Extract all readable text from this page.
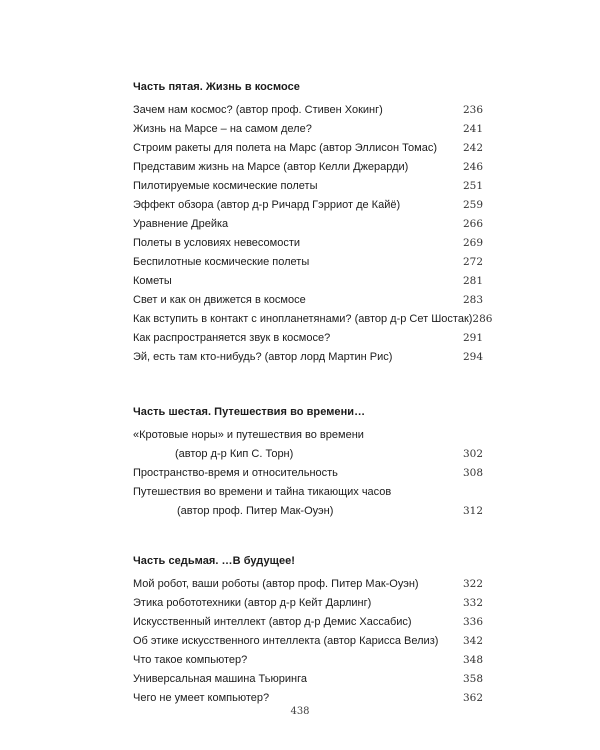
Часть пятая. Жизнь в космосе
Зачем нам космос? (автор проф. Стивен Хокинг)	236
Жизнь на Марсе – на самом деле?	241
Строим ракеты для полета на Марс (автор Эллисон Томас) 242
Представим жизнь на Марсе (автор Келли Джерарди)	246
Пилотируемые космические полеты	251
Эффект обзора (автор д-р Ричард Гэрриот де Кайё)	259
Уравнение Дрейка	266
Полеты в условиях невесомости	269
Беспилотные космические полеты	272
Кометы	281
Свет и как он движется в космосе	283
Как вступить в контакт с инопланетянами? (автор д-р Сет Шостак) 286
Как распространяется звук в космосе?	291
Эй, есть там кто-нибудь? (автор лорд Мартин Рис)	294
Часть шестая. Путешествия во времени…
«Кротовые норы» и путешествия во времени
(автор д-р Кип С. Торн)	302
Пространство-время и относительность	308
Путешествия во времени и тайна тикающих часов
(автор проф. Питер Мак-Оуэн)	312
Часть седьмая. …В будущее!
Мой робот, ваши роботы (автор проф. Питер Мак-Оуэн)	322
Этика робототехники (автор д-р Кейт Дарлинг)	332
Искусственный интеллект (автор д-р Демис Хассабис)	336
Об этике искусственного интеллекта (автор Карисса Велиз) 342
Что такое компьютер?	348
Универсальная машина Тьюринга	358
Чего не умеет компьютер?	362
438
